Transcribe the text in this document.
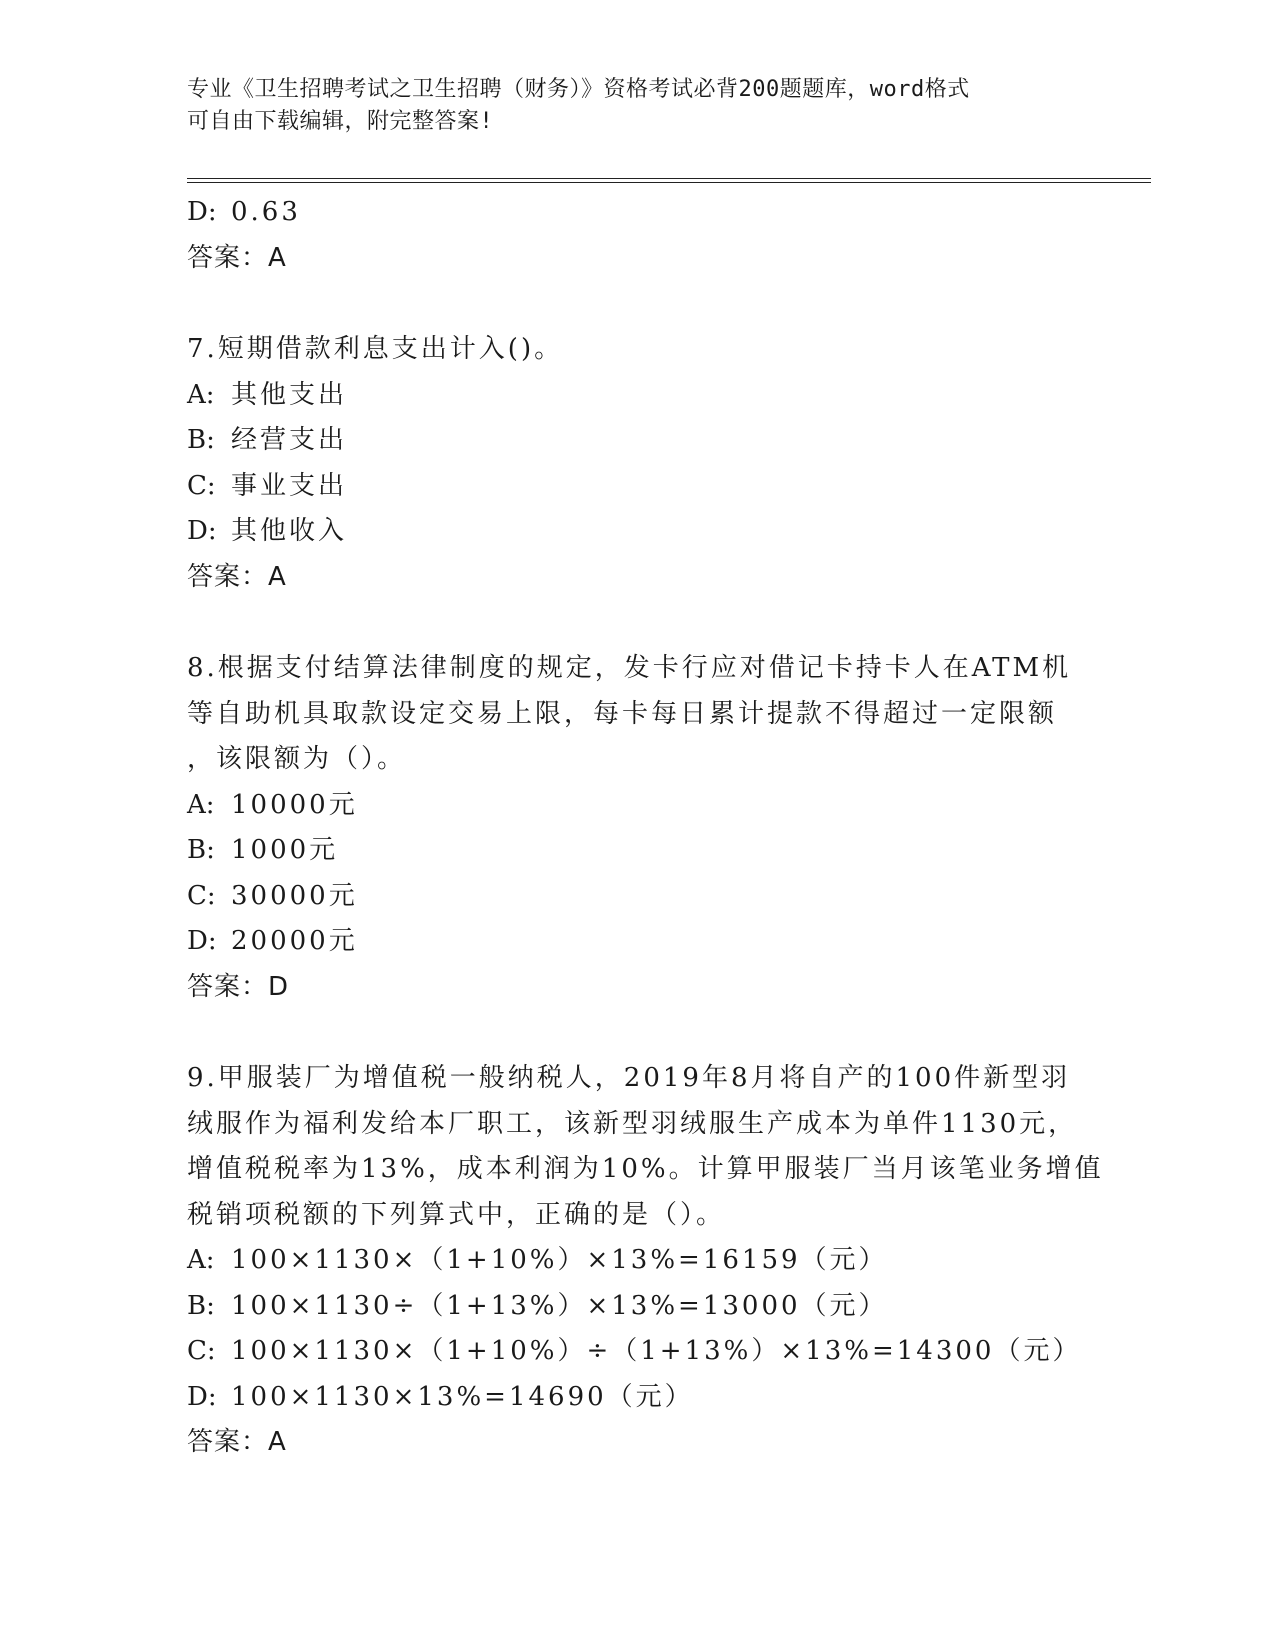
专业《卫生招聘考试之卫生招聘（财务）》资格考试必背200题题库，word格式
可自由下载编辑，附完整答案!
D: 0.63
答案：A
7.短期借款利息支出计入()。
A: 其他支出
B: 经营支出
C: 事业支出
D: 其他收入
答案：A
8.根据支付结算法律制度的规定，发卡行应对借记卡持卡人在ATM机
等自助机具取款设定交易上限，每卡每日累计提款不得超过一定限额
，该限额为（）。
A: 10000元
B: 1000元
C: 30000元
D: 20000元
答案：D
9.甲服装厂为增值税一般纳税人，2019年8月将自产的100件新型羽
绒服作为福利发给本厂职工，该新型羽绒服生产成本为单件1130元，
增值税税率为13%，成本利润为10%。计算甲服装厂当月该笔业务增值
税销项税额的下列算式中，正确的是（）。
A: 100×1130×（1+10%）×13%=16159（元）
B: 100×1130÷（1+13%）×13%=13000（元）
C: 100×1130×（1+10%）÷（1+13%）×13%=14300（元）
D: 100×1130×13%=14690（元）
答案：A
